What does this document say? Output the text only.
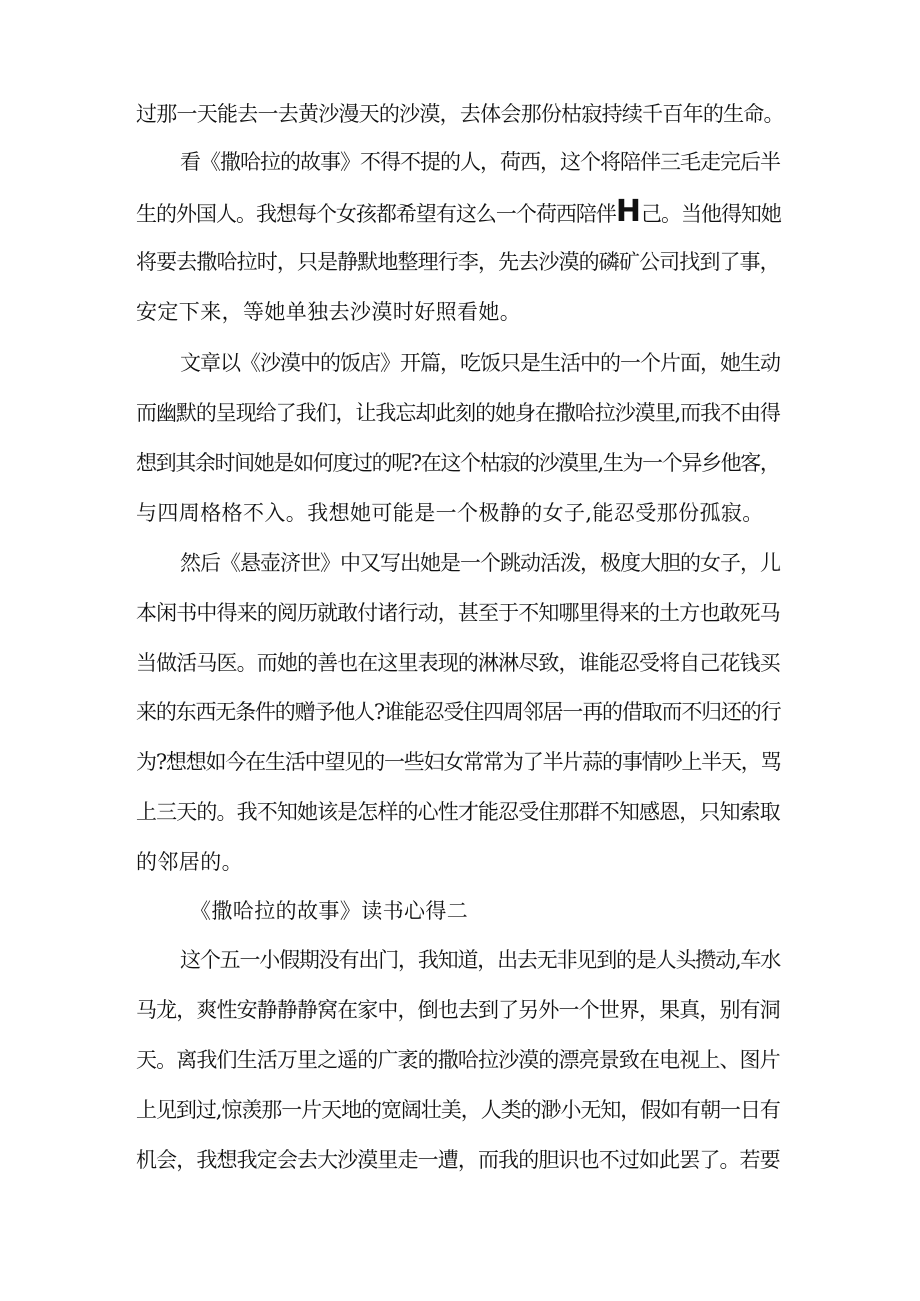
过那一天能去一去黄沙漫天的沙漠，去体会那份枯寂持续千百年的生命。
看《撒哈拉的故事》不得不提的人，荷西，这个将陪伴三毛走完后半
生的外国人。我想每个女孩都希望有这么一个荷西陪伴H己。当他得知她
将要去撒哈拉时，只是静默地整理行李，先去沙漠的磷矿公司找到了事，
安定下来，等她单独去沙漠时好照看她。
文章以《沙漠中的饭店》开篇，吃饭只是生活中的一个片面，她生动
而幽默的呈现给了我们，让我忘却此刻的她身在撒哈拉沙漠里,而我不由得
想到其余时间她是如何度过的呢?在这个枯寂的沙漠里,生为一个异乡他客，
与四周格格不入。我想她可能是一个极静的女子,能忍受那份孤寂。
然后《悬壶济世》中又写出她是一个跳动活泼，极度大胆的女子，儿
本闲书中得来的阅历就敢付诸行动，甚至于不知哪里得来的土方也敢死马
当做活马医。而她的善也在这里表现的淋淋尽致，谁能忍受将自己花钱买
来的东西无条件的赠予他人?谁能忍受住四周邻居一再的借取而不归还的行
为?想想如今在生活中望见的一些妇女常常为了半片蒜的事情吵上半天，骂
上三天的。我不知她该是怎样的心性才能忍受住那群不知感恩，只知索取
的邻居的。
《撒哈拉的故事》读书心得二
这个五一小假期没有出门，我知道，出去无非见到的是人头攒动,车水
马龙，爽性安静静静窝在家中，倒也去到了另外一个世界，果真，别有洞
天。离我们生活万里之遥的广袤的撒哈拉沙漠的漂亮景致在电视上、图片
上见到过,惊羡那一片天地的宽阔壮美，人类的渺小无知，假如有朝一日有
机会，我想我定会去大沙漠里走一遭，而我的胆识也不过如此罢了。若要
